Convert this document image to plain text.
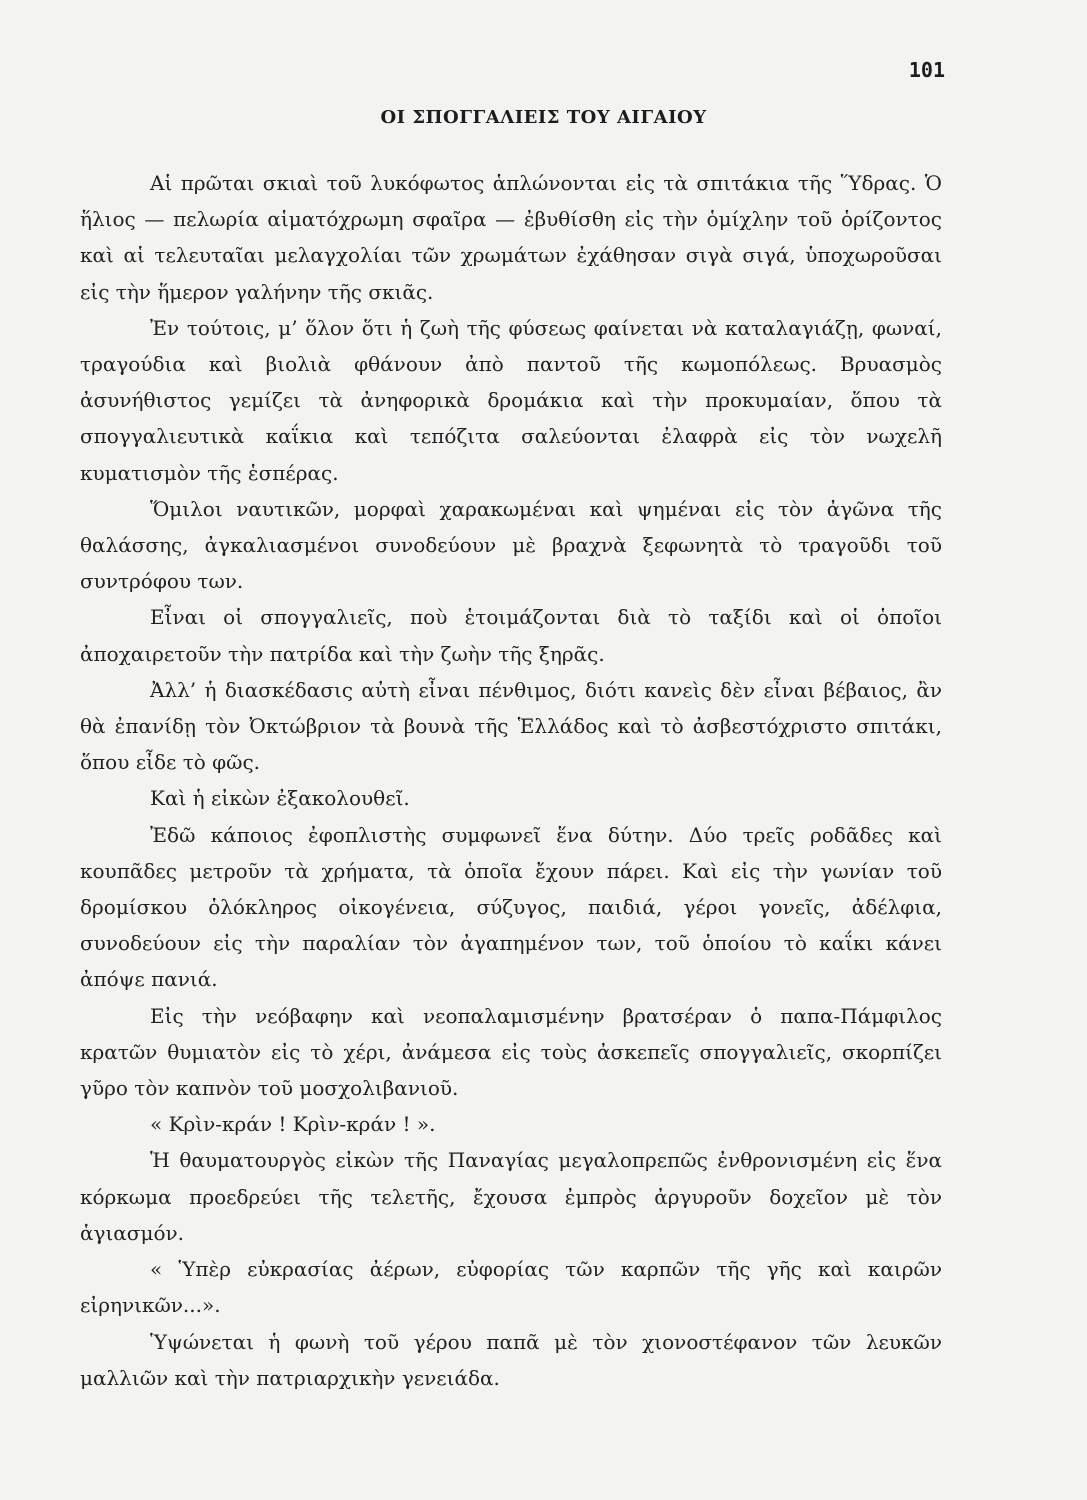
101
ΟΙ ΣΠΟΓΓΑΛΙΕΙΣ ΤΟΥ ΑΙΓΑΙΟΥ

Αἱ πρῶται σκιαὶ τοῦ λυκόφωτος ἁπλώνονται εἰς τὰ σπιτάκια τῆς Ὕδρας. Ὁ ἥλιος — πελωρία αἱματόχρωμη σφαῖρα — ἐβυθίσθη εἰς τὴν ὁμίχλην τοῦ ὁρίζοντος καὶ αἱ τελευταῖαι μελαγχολίαι τῶν χρωμάτων ἐχάθησαν σιγὰ σιγά, ὑποχωροῦσαι εἰς τὴν ἥμερον γαλήνην τῆς σκιᾶς.

Ἐν τούτοις, μ’ ὅλον ὅτι ἡ ζωὴ τῆς φύσεως φαίνεται νὰ καταλαγιάζῃ, φωναί, τραγούδια καὶ βιολιὰ φθάνουν ἀπὸ παντοῦ τῆς κωμοπόλεως. Βρυασμὸς ἀσυνήθιστος γεμίζει τὰ ἀνηφορικὰ δρομάκια καὶ τὴν προκυμαίαν, ὅπου τὰ σπογγαλιευτικὰ καΐκια καὶ τεπόζιτα σαλεύονται ἐλαφρὰ εἰς τὸν νωχελῆ κυματισμὸν τῆς ἑσπέρας.

Ὅμιλοι ναυτικῶν, μορφαὶ χαρακωμέναι καὶ ψημέναι εἰς τὸν ἀγῶνα τῆς θαλάσσης, ἀγκαλιασμένοι συνοδεύουν μὲ βραχνὰ ξεφωνητὰ τὸ τραγοῦδι τοῦ συντρόφου των.

Εἶναι οἱ σπογγαλιεῖς, ποὺ ἑτοιμάζονται διὰ τὸ ταξίδι καὶ οἱ ὁποῖοι ἀποχαιρετοῦν τὴν πατρίδα καὶ τὴν ζωὴν τῆς ξηρᾶς.

Ἀλλ’ ἡ διασκέδασις αὐτὴ εἶναι πένθιμος, διότι κανεὶς δὲν εἶναι βέβαιος, ἂν θὰ ἐπανίδῃ τὸν Ὀκτώβριον τὰ βουνὰ τῆς Ἑλλάδος καὶ τὸ ἀσβεστόχριστο σπιτάκι, ὅπου εἶδε τὸ φῶς.

Καὶ ἡ εἰκὼν ἐξακολουθεῖ.

Ἐδῶ κάποιος ἐφοπλιστὴς συμφωνεῖ ἕνα δύτην. Δύο τρεῖς ροδᾶδες καὶ κουπᾶδες μετροῦν τὰ χρήματα, τὰ ὁποῖα ἔχουν πάρει. Καὶ εἰς τὴν γωνίαν τοῦ δρομίσκου ὁλόκληρος οἰκογένεια, σύζυγος, παιδιά, γέροι γονεῖς, ἀδέλφια, συνοδεύουν εἰς τὴν παραλίαν τὸν ἀγαπημένον των, τοῦ ὁποίου τὸ καΐκι κάνει ἀπόψε πανιά.

Εἰς τὴν νεόβαφην καὶ νεοπαλαμισμένην βρατσέραν ὁ παπα-Πάμφιλος κρατῶν θυμιατὸν εἰς τὸ χέρι, ἀνάμεσα εἰς τοὺς ἀσκεπεῖς σπογγαλιεῖς, σκορπίζει γῦρο τὸν καπνὸν τοῦ μοσχολιβανιοῦ.

« Κρὶν-κράν ! Κρὶν-κράν ! ».

Ἡ θαυματουργὸς εἰκὼν τῆς Παναγίας μεγαλοπρεπῶς ἐνθρονισμένη εἰς ἕνα κόρκωμα προεδρεύει τῆς τελετῆς, ἔχουσα ἐμπρὸς ἀργυροῦν δοχεῖον μὲ τὸν ἁγιασμόν.

« Ὑπὲρ εὐκρασίας ἀέρων, εὐφορίας τῶν καρπῶν τῆς γῆς καὶ καιρῶν εἰρηνικῶν...».

Ὑψώνεται ἡ φωνὴ τοῦ γέρου παπᾶ μὲ τὸν χιονοστέφανον τῶν λευκῶν μαλλιῶν καὶ τὴν πατριαρχικὴν γενειάδα.
